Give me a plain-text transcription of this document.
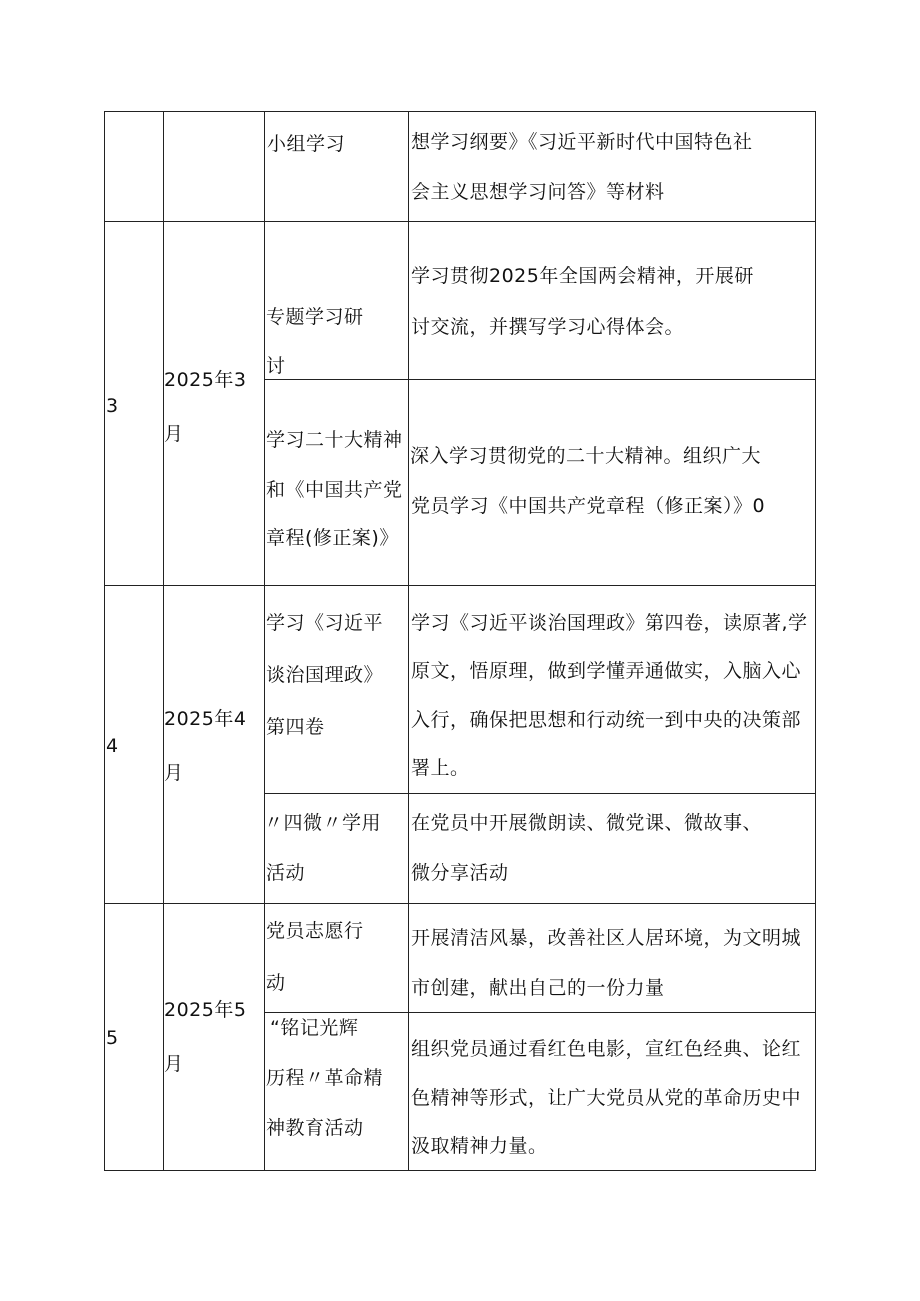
小组学习	想学习纲要》《习近平新时代中国特色社
会主义思想学习问答》等材料
3
2025年3
月
专题学习研
讨
学习贯彻2025年全国两会精神，开展研
讨交流，并撰写学习心得体会。
学习二十大精神
和《中国共产党
章程(修正案)》
深入学习贯彻党的二十大精神。组织广大
党员学习《中国共产党章程（修正案）》0
4
2025年4
月
学习《习近平
谈治国理政》
第四卷
学习《习近平谈治国理政》第四卷，读原著,学
原文，悟原理，做到学懂弄通做实，入脑入心
入行，确保把思想和行动统一到中央的决策部
署上。
〃四微〃学用
活动
在党员中开展微朗读、微党课、微故事、
微分享活动
5
2025年5
月
党员志愿行
动
开展清洁风暴，改善社区人居环境，为文明城
市创建，献出自己的一份力量
“铭记光辉
历程〃革命精
神教育活动
组织党员通过看红色电影，宣红色经典、论红
色精神等形式，让广大党员从党的革命历史中
汲取精神力量。
